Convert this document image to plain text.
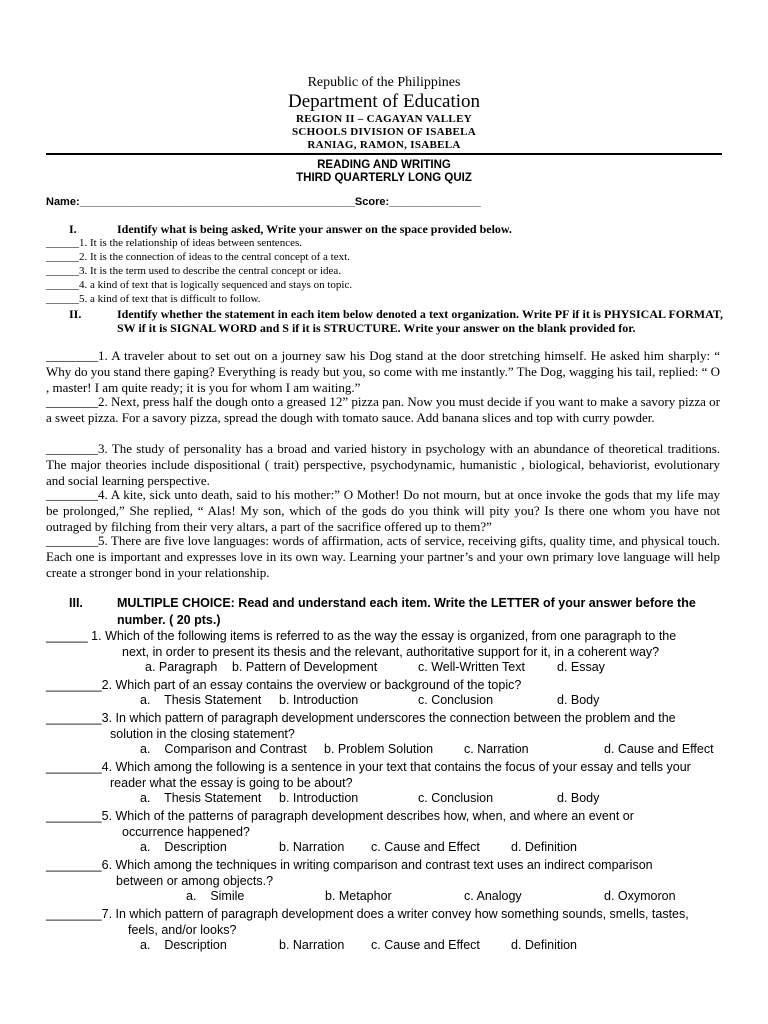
Republic of the Philippines
Department of Education
REGION II – CAGAYAN VALLEY
SCHOOLS DIVISION OF ISABELA
RANIAG, RAMON, ISABELA
READING AND WRITING
THIRD QUARTERLY LONG QUIZ
Name:_____________________________________________Score:_______________
I.	Identify what is being asked, Write your answer on the space provided below.
______1. It is the relationship of ideas between sentences.
______2. It is the connection of ideas to the central concept of a text.
______3. It is the term used to describe the central concept or idea.
______4. a kind of text that is logically sequenced and stays on topic.
______5. a kind of text that is difficult to follow.
II.	Identify whether the statement in each item below denoted a text organization. Write PF if it is PHYSICAL FORMAT, SW if it is SIGNAL WORD and S if it is STRUCTURE. Write your answer on the blank provided for.
________1. A traveler about to set out on a journey saw his Dog stand at the door stretching himself. He asked him sharply: “ Why do you stand there gaping? Everything is ready but you, so come with me instantly.” The Dog, wagging his tail, replied: “ O , master! I am quite ready; it is you for whom I am waiting.”
________2. Next, press half the dough onto a greased 12” pizza pan. Now you must decide if you want to make a savory pizza or a sweet pizza. For a savory pizza, spread the dough with tomato sauce. Add banana slices and top with curry powder.
________3. The study of personality has a broad and varied history in psychology with an abundance of theoretical traditions. The major theories include dispositional ( trait) perspective, psychodynamic, humanistic , biological, behaviorist, evolutionary and social learning perspective.
________4. A kite, sick unto death, said to his mother:” O Mother! Do not mourn, but at once invoke the gods that my life may be prolonged,” She replied, “ Alas! My son, which of the gods do you think will pity you? Is there one whom you have not outraged by filching from their very altars, a part of the sacrifice offered up to them?”
________5. There are five love languages: words of affirmation, acts of service, receiving gifts, quality time, and physical touch. Each one is important and expresses love in its own way. Learning your partner’s and your own primary love language will help create a stronger bond in your relationship.
III.	MULTIPLE CHOICE: Read and understand each item. Write the LETTER of your answer before the
number. ( 20 pts.)
______ 1. Which of the following items is referred to as the way the essay is organized, from one paragraph to the
next, in order to present its thesis and the relevant, authoritative support for it, in a coherent way?
a. Paragraph b. Pattern of Development	c. Well-Written Text	d. Essay
________2. Which part of an essay contains the overview or background of the topic?
a.    Thesis Statement b. Introduction	c. Conclusion	d. Body
________3. In which pattern of paragraph development underscores the connection between the problem and the
solution in the closing statement?
a.    Comparison and Contrast b. Problem Solution c. Narration	d. Cause and Effect
________4. Which among the following is a sentence in your text that contains the focus of your essay and tells your
reader what the essay is going to be about?
a.    Thesis Statement b. Introduction	c. Conclusion	d. Body
________5. Which of the patterns of paragraph development describes how, when, and where an event or
occurrence happened?
a.    Description	b. Narration c. Cause and Effect d. Definition
________6. Which among the techniques in writing comparison and contrast text uses an indirect comparison
between or among objects.?
a.    Simile	b. Metaphor	c. Analogy	d. Oxymoron
________7. In which pattern of paragraph development does a writer convey how something sounds, smells, tastes,
feels, and/or looks?
a.    Description	b. Narration c. Cause and Effect d. Definition
